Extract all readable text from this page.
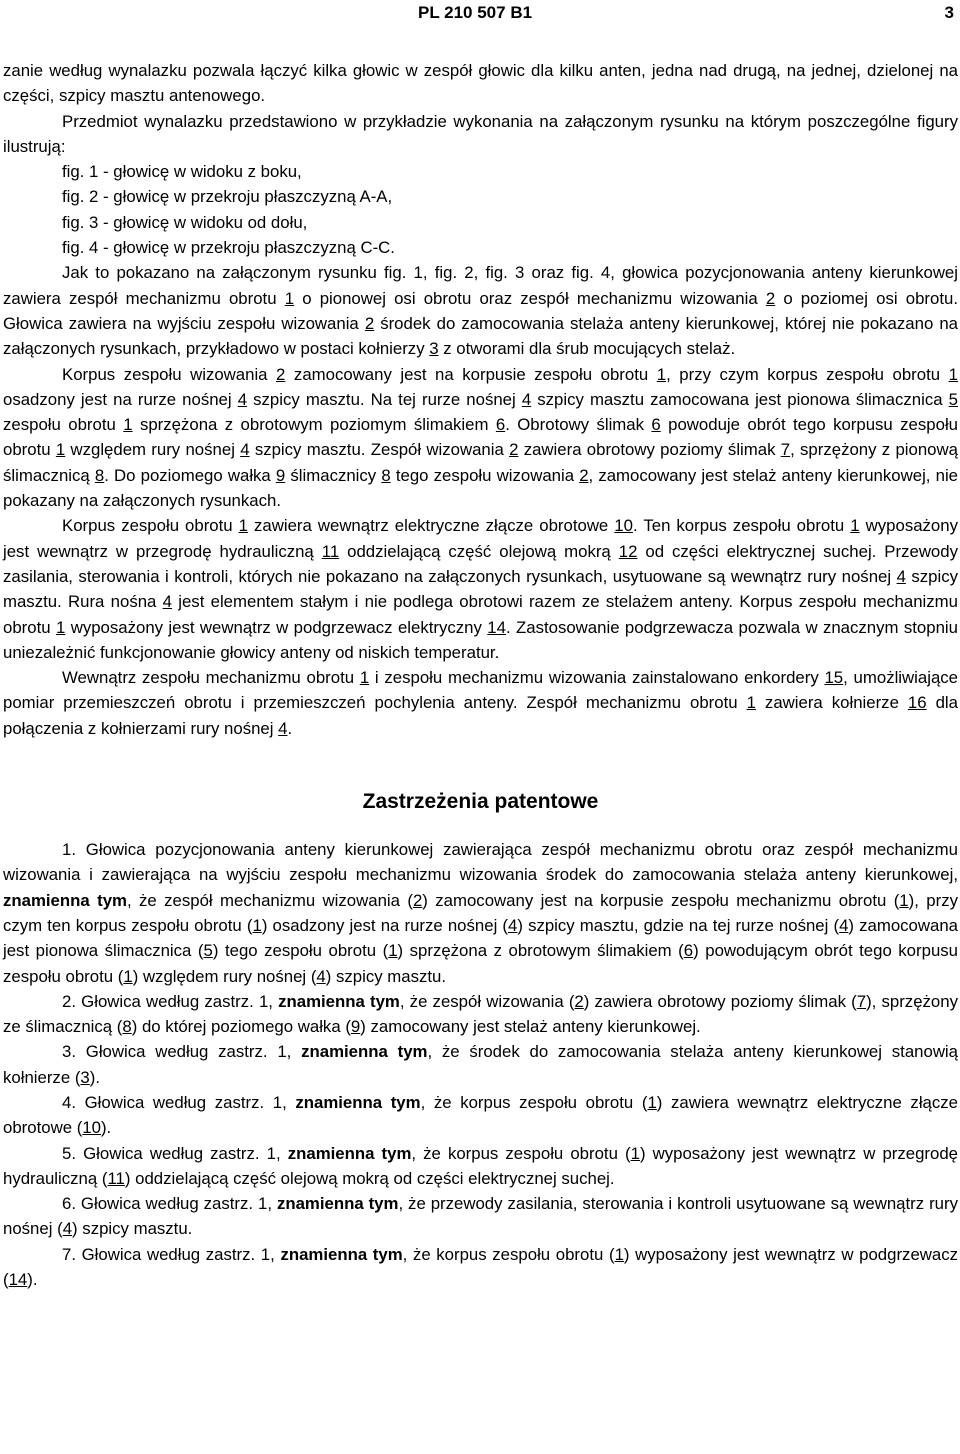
PL 210 507 B1	3

zanie według wynalazku pozwala łączyć kilka głowic w zespół głowic dla kilku anten, jedna nad drugą, na jednej, dzielonej na części, szpicy masztu antenowego.

Przedmiot wynalazku przedstawiono w przykładzie wykonania na załączonym rysunku na którym poszczególne figury ilustrują:

fig. 1 - głowicę w widoku z boku,

fig. 2 - głowicę w przekroju płaszczyzną A-A,

fig. 3 - głowicę w widoku od dołu,

fig. 4 - głowicę w przekroju płaszczyzną C-C.

Jak to pokazano na załączonym rysunku fig. 1, fig. 2, fig. 3 oraz fig. 4, głowica pozycjonowania anteny kierunkowej zawiera zespół mechanizmu obrotu 1 o pionowej osi obrotu oraz zespół mechanizmu wizowania 2 o poziomej osi obrotu. Głowica zawiera na wyjściu zespołu wizowania 2 środek do zamocowania stelaża anteny kierunkowej, której nie pokazano na załączonych rysunkach, przykładowo w postaci kołnierzy 3 z otworami dla śrub mocujących stelaż.

Korpus zespołu wizowania 2 zamocowany jest na korpusie zespołu obrotu 1, przy czym korpus zespołu obrotu 1 osadzony jest na rurze nośnej 4 szpicy masztu. Na tej rurze nośnej 4 szpicy masztu zamocowana jest pionowa ślimacznica 5 zespołu obrotu 1 sprzężona z obrotowym poziomym ślimakiem 6. Obrotowy ślimak 6 powoduje obrót tego korpusu zespołu obrotu 1 względem rury nośnej 4 szpicy masztu. Zespół wizowania 2 zawiera obrotowy poziomy ślimak 7, sprzężony z pionową ślimacznicą 8. Do poziomego wałka 9 ślimacznicy 8 tego zespołu wizowania 2, zamocowany jest stelaż anteny kierunkowej, nie pokazany na załączonych rysunkach.

Korpus zespołu obrotu 1 zawiera wewnątrz elektryczne złącze obrotowe 10. Ten korpus zespołu obrotu 1 wyposażony jest wewnątrz w przegrodę hydrauliczną 11 oddzielającą część olejową mokrą 12 od części elektrycznej suchej. Przewody zasilania, sterowania i kontroli, których nie pokazano na załączonych rysunkach, usytuowane są wewnątrz rury nośnej 4 szpicy masztu. Rura nośna 4 jest elementem stałym i nie podlega obrotowi razem ze stelażem anteny. Korpus zespołu mechanizmu obrotu 1 wyposażony jest wewnątrz w podgrzewacz elektryczny 14. Zastosowanie podgrzewacza pozwala w znacznym stopniu uniezależnić funkcjonowanie głowicy anteny od niskich temperatur.

Wewnątrz zespołu mechanizmu obrotu 1 i zespołu mechanizmu wizowania zainstalowano enkordery 15, umożliwiające pomiar przemieszczeń obrotu i przemieszczeń pochylenia anteny. Zespół mechanizmu obrotu 1 zawiera kołnierze 16 dla połączenia z kołnierzami rury nośnej 4.

Zastrzeżenia patentowe

1. Głowica pozycjonowania anteny kierunkowej zawierająca zespół mechanizmu obrotu oraz zespół mechanizmu wizowania i zawierająca na wyjściu zespołu mechanizmu wizowania środek do zamocowania stelaża anteny kierunkowej, znamienna tym, że zespół mechanizmu wizowania (2) zamocowany jest na korpusie zespołu mechanizmu obrotu (1), przy czym ten korpus zespołu obrotu (1) osadzony jest na rurze nośnej (4) szpicy masztu, gdzie na tej rurze nośnej (4) zamocowana jest pionowa ślimacznica (5) tego zespołu obrotu (1) sprzężona z obrotowym ślimakiem (6) powodującym obrót tego korpusu zespołu obrotu (1) względem rury nośnej (4) szpicy masztu.

2. Głowica według zastrz. 1, znamienna tym, że zespół wizowania (2) zawiera obrotowy poziomy ślimak (7), sprzężony ze ślimacznicą (8) do której poziomego wałka (9) zamocowany jest stelaż anteny kierunkowej.

3. Głowica według zastrz. 1, znamienna tym, że środek do zamocowania stelaża anteny kierunkowej stanowią kołnierze (3).

4. Głowica według zastrz. 1, znamienna tym, że korpus zespołu obrotu (1) zawiera wewnątrz elektryczne złącze obrotowe (10).

5. Głowica według zastrz. 1, znamienna tym, że korpus zespołu obrotu (1) wyposażony jest wewnątrz w przegrodę hydrauliczną (11) oddzielającą część olejową mokrą od części elektrycznej suchej.

6. Głowica według zastrz. 1, znamienna tym, że przewody zasilania, sterowania i kontroli usytuowane są wewnątrz rury nośnej (4) szpicy masztu.

7. Głowica według zastrz. 1, znamienna tym, że korpus zespołu obrotu (1) wyposażony jest wewnątrz w podgrzewacz (14).
